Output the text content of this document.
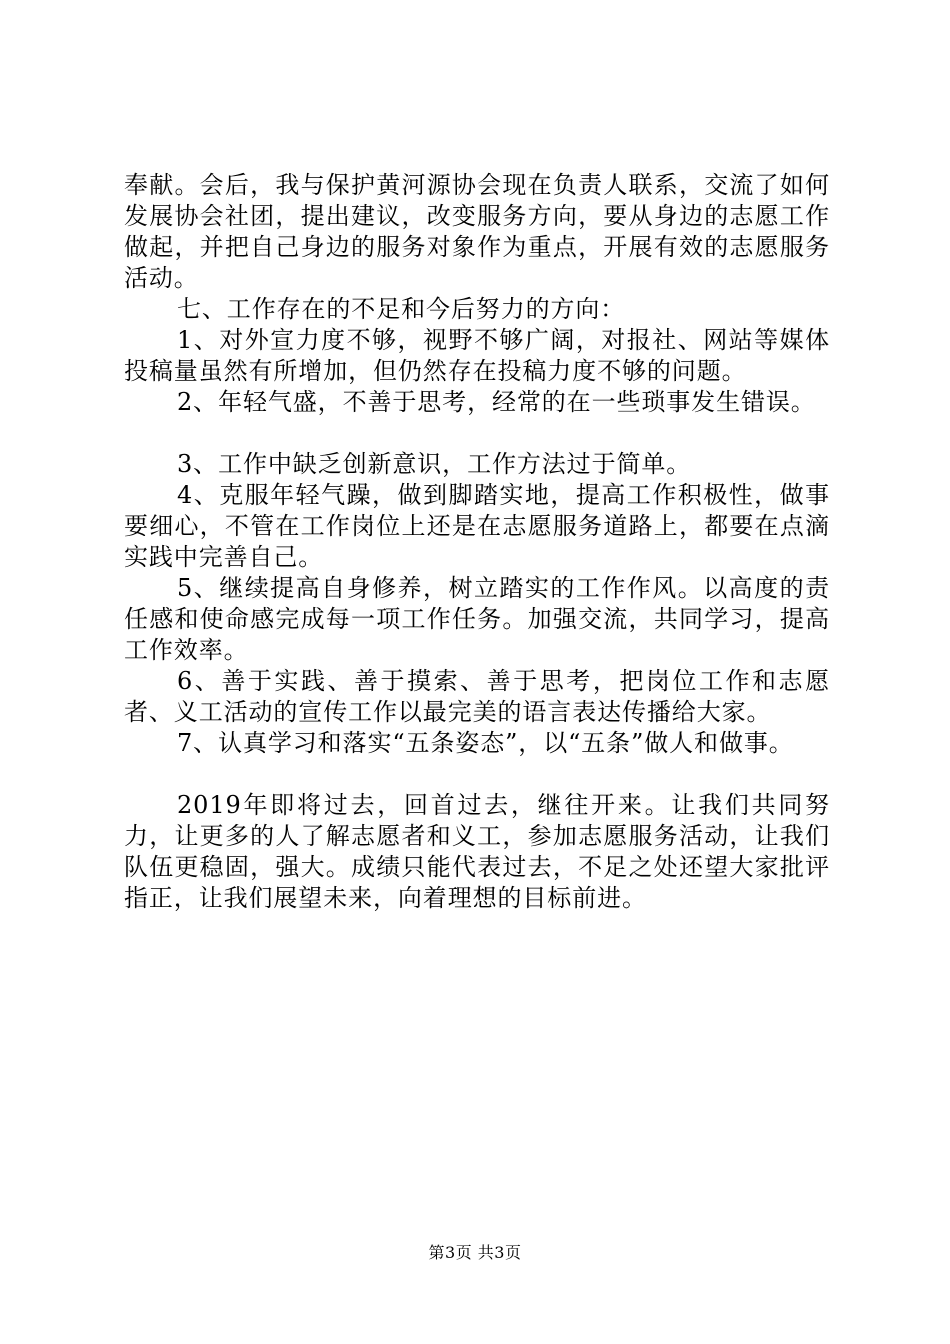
奉献。会后，我与保护黄河源协会现在负责人联系，交流了如何发展协会社团，提出建议，改变服务方向，要从身边的志愿工作做起，并把自己身边的服务对象作为重点，开展有效的志愿服务活动。

七、工作存在的不足和今后努力的方向：

1、对外宣力度不够，视野不够广阔，对报社、网站等媒体投稿量虽然有所增加，但仍然存在投稿力度不够的问题。

2、年轻气盛，不善于思考，经常的在一些琐事发生错误。

3、工作中缺乏创新意识，工作方法过于简单。

4、克服年轻气躁，做到脚踏实地，提高工作积极性，做事要细心，不管在工作岗位上还是在志愿服务道路上，都要在点滴实践中完善自己。

5、继续提高自身修养，树立踏实的工作作风。以高度的责任感和使命感完成每一项工作任务。加强交流，共同学习，提高工作效率。

6、善于实践、善于摸索、善于思考，把岗位工作和志愿者、义工活动的宣传工作以最完美的语言表达传播给大家。

7、认真学习和落实“五条姿态”，以“五条”做人和做事。

2019年即将过去，回首过去，继往开来。让我们共同努力，让更多的人了解志愿者和义工，参加志愿服务活动，让我们队伍更稳固，强大。成绩只能代表过去，不足之处还望大家批评指正，让我们展望未来，向着理想的目标前进。

第3页 共3页
